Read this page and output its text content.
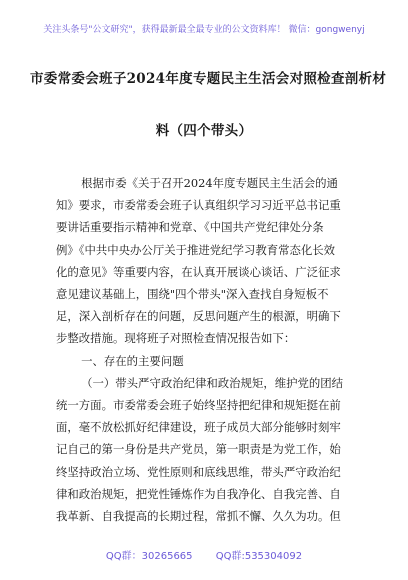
关注头条号"公文研究"，获得最新最全最专业的公文资料库！ 微信：gongwenyj
市委常委会班子2024年度专题民主生活会对照检查剖析材
料（四个带头）

根据市委《关于召开2024年度专题民主生活会的通
知》要求，市委常委会班子认真组织学习习近平总书记重
要讲话重要指示精神和党章、《中国共产党纪律处分条
例》《中共中央办公厅关于推进党纪学习教育常态化长效
化的意见》等重要内容，在认真开展谈心谈话、广泛征求
意见建议基础上，围绕"四个带头"深入查找自身短板不
足，深入剖析存在的问题，反思问题产生的根源，明确下
步整改措施。现将班子对照检查情况报告如下：

一、存在的主要问题

（一）带头严守政治纪律和政治规矩，维护党的团结
统一方面。市委常委会班子始终坚持把纪律和规矩挺在前
面，毫不放松抓好纪律建设，班子成员大部分能够时刻牢
记自己的第一身份是共产党员，第一职责是为党工作，始
终坚持政治立场、党性原则和底线思维，带头严守政治纪
律和政治规矩，把党性锤炼作为自我净化、自我完善、自
我革新、自我提高的长期过程，常抓不懈、久久为功。但

QQ群：30265665 QQ群:535304092
